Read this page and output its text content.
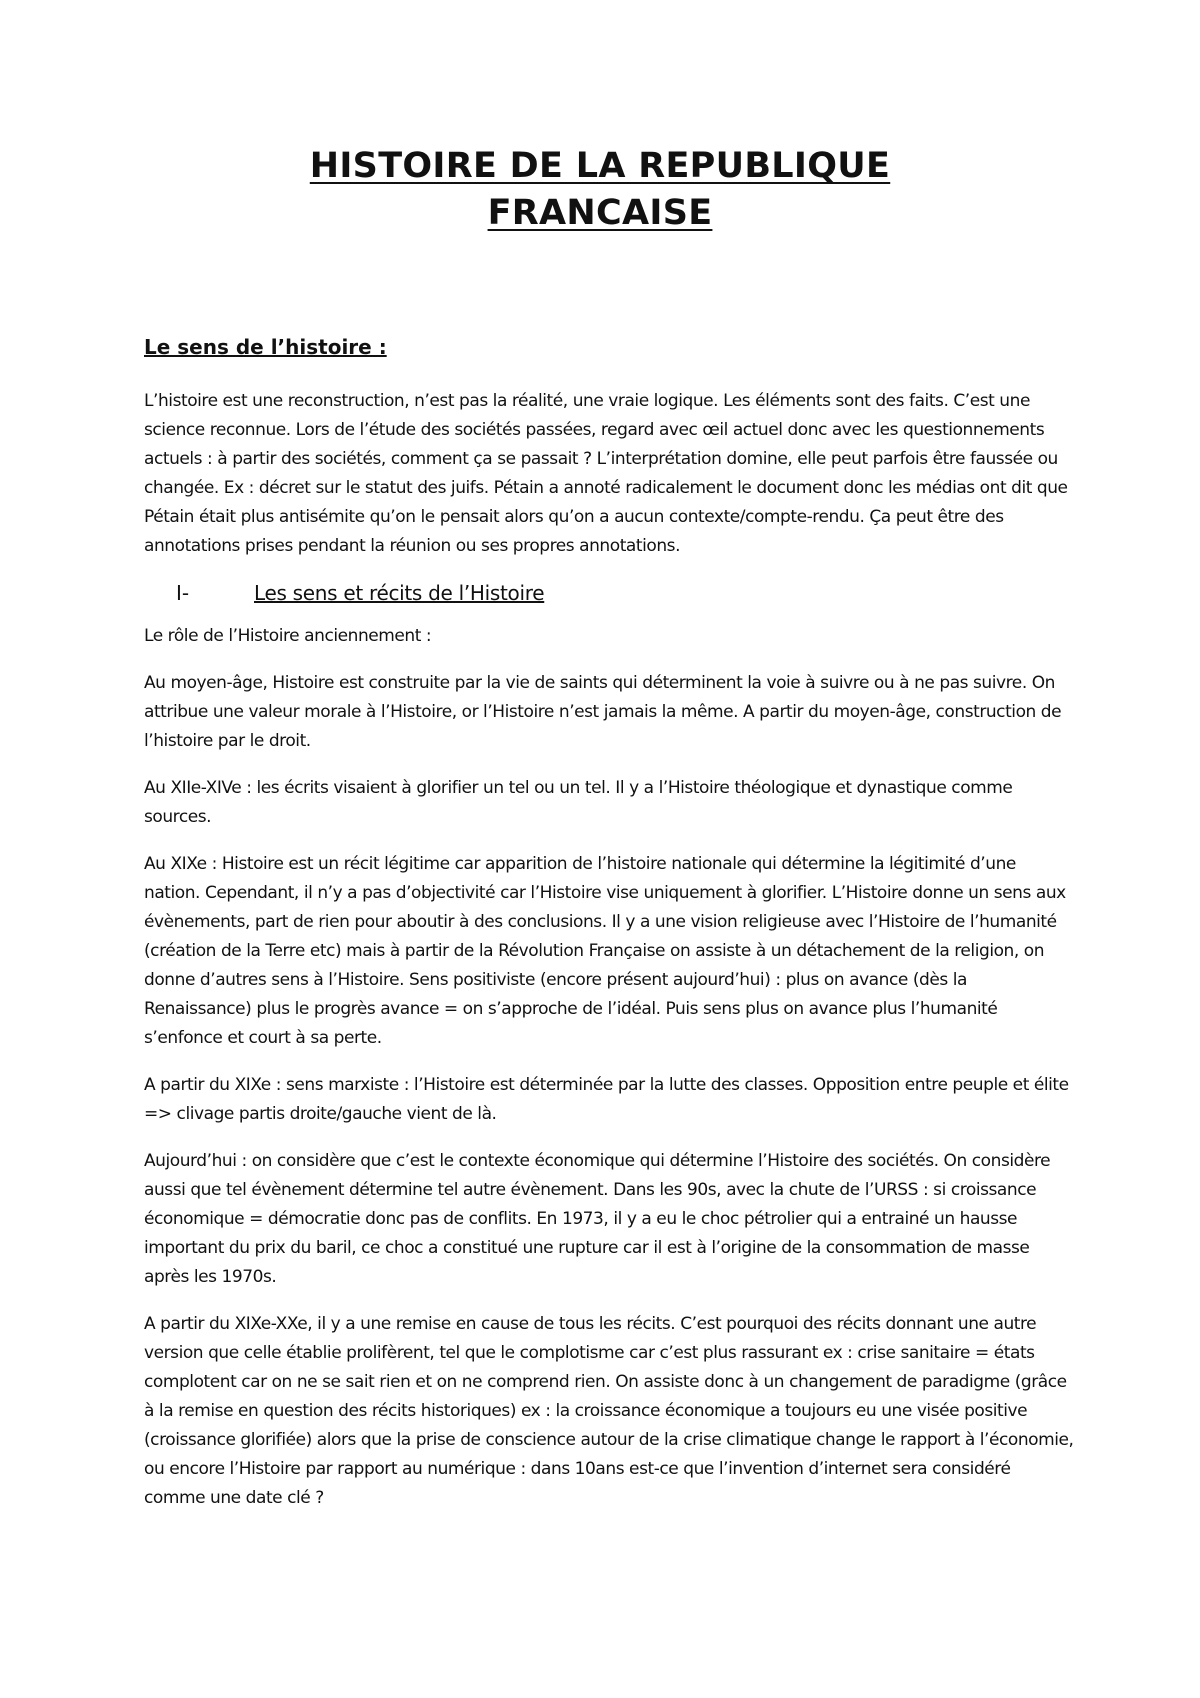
HISTOIRE DE LA REPUBLIQUE
FRANCAISE
Le sens de l’histoire :

L’histoire est une reconstruction, n’est pas la réalité, une vraie logique. Les éléments sont des faits. C’est une science reconnue. Lors de l’étude des sociétés passées, regard avec œil actuel donc avec les questionnements actuels : à partir des sociétés, comment ça se passait ? L’interprétation domine, elle peut parfois être faussée ou changée. Ex : décret sur le statut des juifs. Pétain a annoté radicalement le document donc les médias ont dit que Pétain était plus antisémite qu’on le pensait alors qu’on a aucun contexte/compte-rendu. Ça peut être des annotations prises pendant la réunion ou ses propres annotations.

I-	Les sens et récits de l’Histoire

Le rôle de l’Histoire anciennement :

Au moyen-âge, Histoire est construite par la vie de saints qui déterminent la voie à suivre ou à ne pas suivre. On attribue une valeur morale à l’Histoire, or l’Histoire n’est jamais la même. A partir du moyen-âge, construction de l’histoire par le droit.

Au XIIe-XIVe : les écrits visaient à glorifier un tel ou un tel. Il y a l’Histoire théologique et dynastique comme sources.

Au XIXe : Histoire est un récit légitime car apparition de l’histoire nationale qui détermine la légitimité d’une nation. Cependant, il n’y a pas d’objectivité car l’Histoire vise uniquement à glorifier. L’Histoire donne un sens aux évènements, part de rien pour aboutir à des conclusions. Il y a une vision religieuse avec l’Histoire de l’humanité (création de la Terre etc) mais à partir de la Révolution Française on assiste à un détachement de la religion, on donne d’autres sens à l’Histoire. Sens positiviste (encore présent aujourd’hui) : plus on avance (dès la Renaissance) plus le progrès avance = on s’approche de l’idéal. Puis sens plus on avance plus l’humanité s’enfonce et court à sa perte.

A partir du XIXe : sens marxiste : l’Histoire est déterminée par la lutte des classes. Opposition entre peuple et élite => clivage partis droite/gauche vient de là.

Aujourd’hui : on considère que c’est le contexte économique qui détermine l’Histoire des sociétés. On considère aussi que tel évènement détermine tel autre évènement. Dans les 90s, avec la chute de l’URSS : si croissance économique = démocratie donc pas de conflits. En 1973, il y a eu le choc pétrolier qui a entrainé un hausse important du prix du baril, ce choc a constitué une rupture car il est à l’origine de la consommation de masse après les 1970s.

A partir du XIXe-XXe, il y a une remise en cause de tous les récits. C’est pourquoi des récits donnant une autre version que celle établie prolifèrent, tel que le complotisme car c’est plus rassurant ex : crise sanitaire = états complotent car on ne se sait rien et on ne comprend rien. On assiste donc à un changement de paradigme (grâce à la remise en question des récits historiques) ex : la croissance économique a toujours eu une visée positive (croissance glorifiée) alors que la prise de conscience autour de la crise climatique change le rapport à l’économie, ou encore l’Histoire par rapport au numérique : dans 10ans est-ce que l’invention d’internet sera considéré comme une date clé ?
